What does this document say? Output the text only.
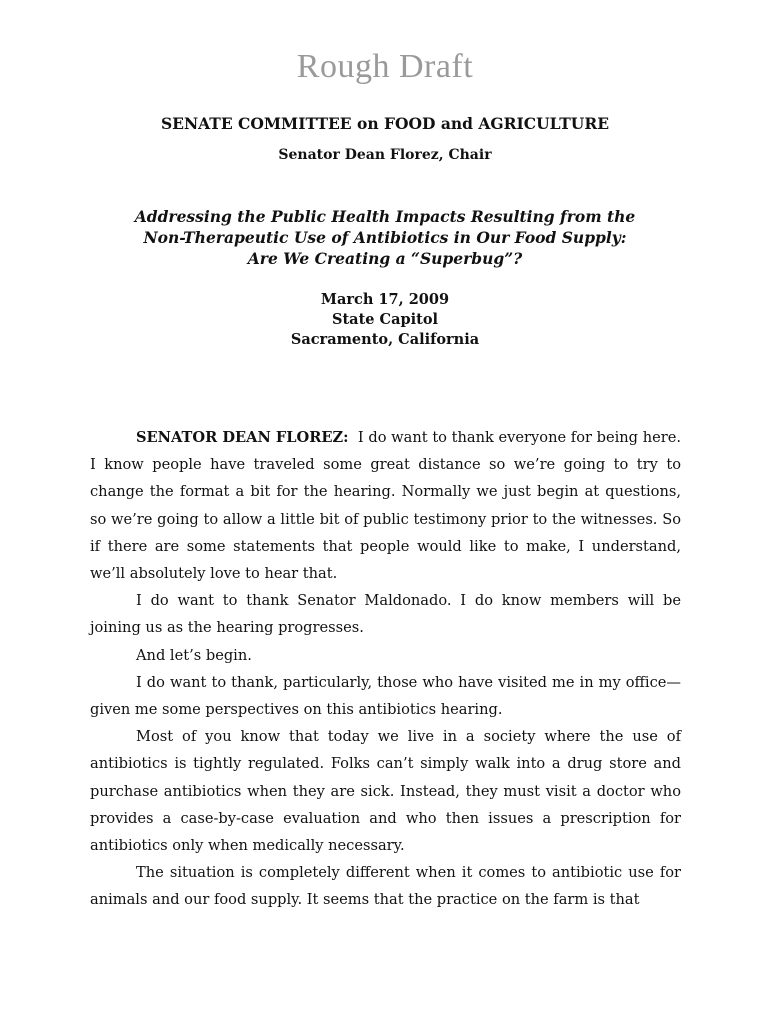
Rough Draft
SENATE COMMITTEE on FOOD and AGRICULTURE
Senator Dean Florez, Chair
Addressing the Public Health Impacts Resulting from the
Non-Therapeutic Use of Antibiotics in Our Food Supply:
Are We Creating a “Superbug”?
March 17, 2009
State Capitol
Sacramento, California

SENATOR DEAN FLOREZ: I do want to thank everyone for being here. I know people have traveled some great distance so we’re going to try to change the format a bit for the hearing. Normally we just begin at questions, so we’re going to allow a little bit of public testimony prior to the witnesses. So if there are some statements that people would like to make, I understand, we’ll absolutely love to hear that.

I do want to thank Senator Maldonado. I do know members will be joining us as the hearing progresses.

And let’s begin.

I do want to thank, particularly, those who have visited me in my office—given me some perspectives on this antibiotics hearing.

Most of you know that today we live in a society where the use of antibiotics is tightly regulated. Folks can’t simply walk into a drug store and purchase antibiotics when they are sick. Instead, they must visit a doctor who provides a case-by-case evaluation and who then issues a prescription for antibiotics only when medically necessary.

The situation is completely different when it comes to antibiotic use for animals and our food supply. It seems that the practice on the farm is that
